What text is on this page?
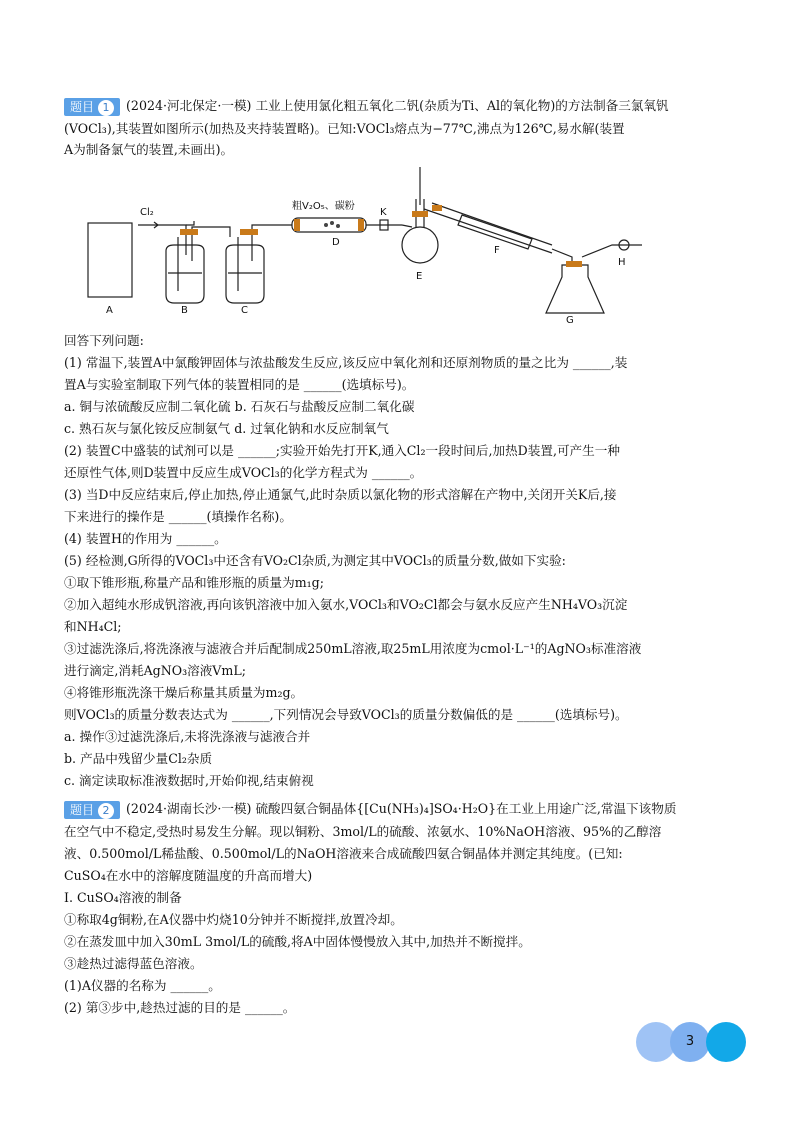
题目 1 (2024·河北保定·一模) 工业上使用氯化粗五氧化二钒(杂质为Ti、Al的氧化物)的方法制备三氯氧钒
(VOCl₃),其装置如图所示(加热及夹持装置略)。已知:VOCl₃熔点为−77℃,沸点为126℃,易水解(装置
A为制备氯气的装置,未画出)。
Cl₂
粗V₂O₅、碳粉
A	B	C
D
K
E
F
G
H
回答下列问题:
(1) 常温下,装置A中氯酸钾固体与浓盐酸发生反应,该反应中氧化剂和还原剂物质的量之比为 ______,装
置A与实验室制取下列气体的装置相同的是 ______(选填标号)。
a. 铜与浓硫酸反应制二氧化硫 b. 石灰石与盐酸反应制二氧化碳
c. 熟石灰与氯化铵反应制氨气 d. 过氧化钠和水反应制氧气
(2) 装置C中盛装的试剂可以是 ______;实验开始先打开K,通入Cl₂一段时间后,加热D装置,可产生一种
还原性气体,则D装置中反应生成VOCl₃的化学方程式为 ______。
(3) 当D中反应结束后,停止加热,停止通氯气,此时杂质以氯化物的形式溶解在产物中,关闭开关K后,接
下来进行的操作是 ______(填操作名称)。
(4) 装置H的作用为 ______。
(5) 经检测,G所得的VOCl₃中还含有VO₂Cl杂质,为测定其中VOCl₃的质量分数,做如下实验:
①取下锥形瓶,称量产品和锥形瓶的质量为m₁g;
②加入超纯水形成钒溶液,再向该钒溶液中加入氨水,VOCl₃和VO₂Cl都会与氨水反应产生NH₄VO₃沉淀
和NH₄Cl;
③过滤洗涤后,将洗涤液与滤液合并后配制成250mL溶液,取25mL用浓度为cmol·L⁻¹的AgNO₃标准溶液
进行滴定,消耗AgNO₃溶液VmL;
④将锥形瓶洗涤干燥后称量其质量为m₂g。
则VOCl₃的质量分数表达式为 ______,下列情况会导致VOCl₃的质量分数偏低的是 ______(选填标号)。
a. 操作③过滤洗涤后,未将洗涤液与滤液合并
b. 产品中残留少量Cl₂杂质
c. 滴定读取标准液数据时,开始仰视,结束俯视
题目 2 (2024·湖南长沙·一模) 硫酸四氨合铜晶体{[Cu(NH₃)₄]SO₄·H₂O}在工业上用途广泛,常温下该物质
在空气中不稳定,受热时易发生分解。现以铜粉、3mol/L的硫酸、浓氨水、10%NaOH溶液、95%的乙醇溶
液、0.500mol/L稀盐酸、0.500mol/L的NaOH溶液来合成硫酸四氨合铜晶体并测定其纯度。(已知:
CuSO₄在水中的溶解度随温度的升高而增大)
I. CuSO₄溶液的制备
①称取4g铜粉,在A仪器中灼烧10分钟并不断搅拌,放置冷却。
②在蒸发皿中加入30mL 3mol/L的硫酸,将A中固体慢慢放入其中,加热并不断搅拌。
③趁热过滤得蓝色溶液。
(1)A仪器的名称为 ______。
(2) 第③步中,趁热过滤的目的是 ______。
3
